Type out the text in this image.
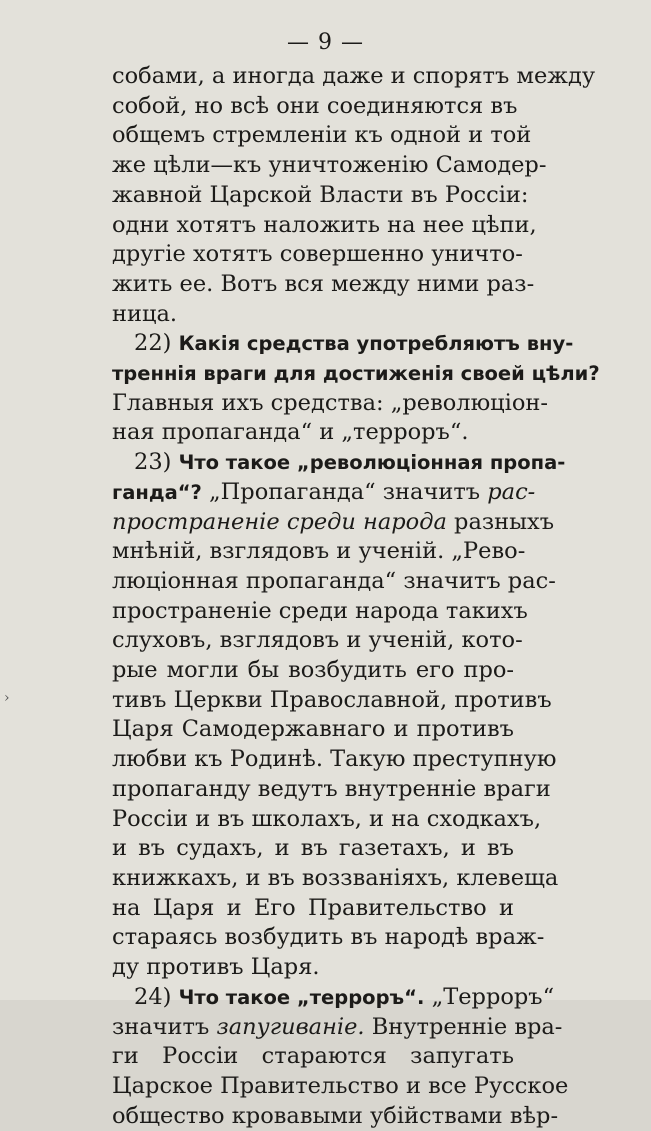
— 9 —
собами, а иногда даже и спорятъ между
собой, но всѣ они соединяются въ
общемъ стремленіи къ одной и той
же цѣли—къ уничтоженію Самодер-
жавной Царской Власти въ Россіи:
одни хотятъ наложить на нее цѣпи,
другіе хотятъ совершенно уничто-
жить ее. Вотъ вся между ними раз-
ница.
22) Какія средства употребляютъ вну-
треннія враги для достиженія своей цѣли?
Главныя ихъ средства: „революціон-
ная пропаганда“ и „терроръ“.
23) Что такое „революціонная пропа-
ганда“? „Пропаганда“ значитъ рас-
пространеніе среди народа разныхъ
мнѣній, взглядовъ и ученій. „Рево-
люціонная пропаганда“ значитъ рас-
пространеніе среди народа такихъ
слуховъ, взглядовъ и ученій, кото-
рые могли бы возбудить его про-
тивъ Церкви Православной, противъ
Царя Самодержавнаго и противъ
любви къ Родинѣ. Такую преступную
пропаганду ведутъ внутренніе враги
Россіи и въ школахъ, и на сходкахъ,
и въ судахъ, и въ газетахъ, и въ
книжкахъ, и въ воззваніяхъ, клевеща
на Царя и Его Правительство и
стараясь возбудить въ народѣ враж-
ду противъ Царя.
24) Что такое „терроръ“. „Терроръ“
значитъ запугиваніе. Внутренніе вра-
ги Россіи стараются запугать
Царское Правительство и все Русское
общество кровавыми убійствами вѣр-
›
